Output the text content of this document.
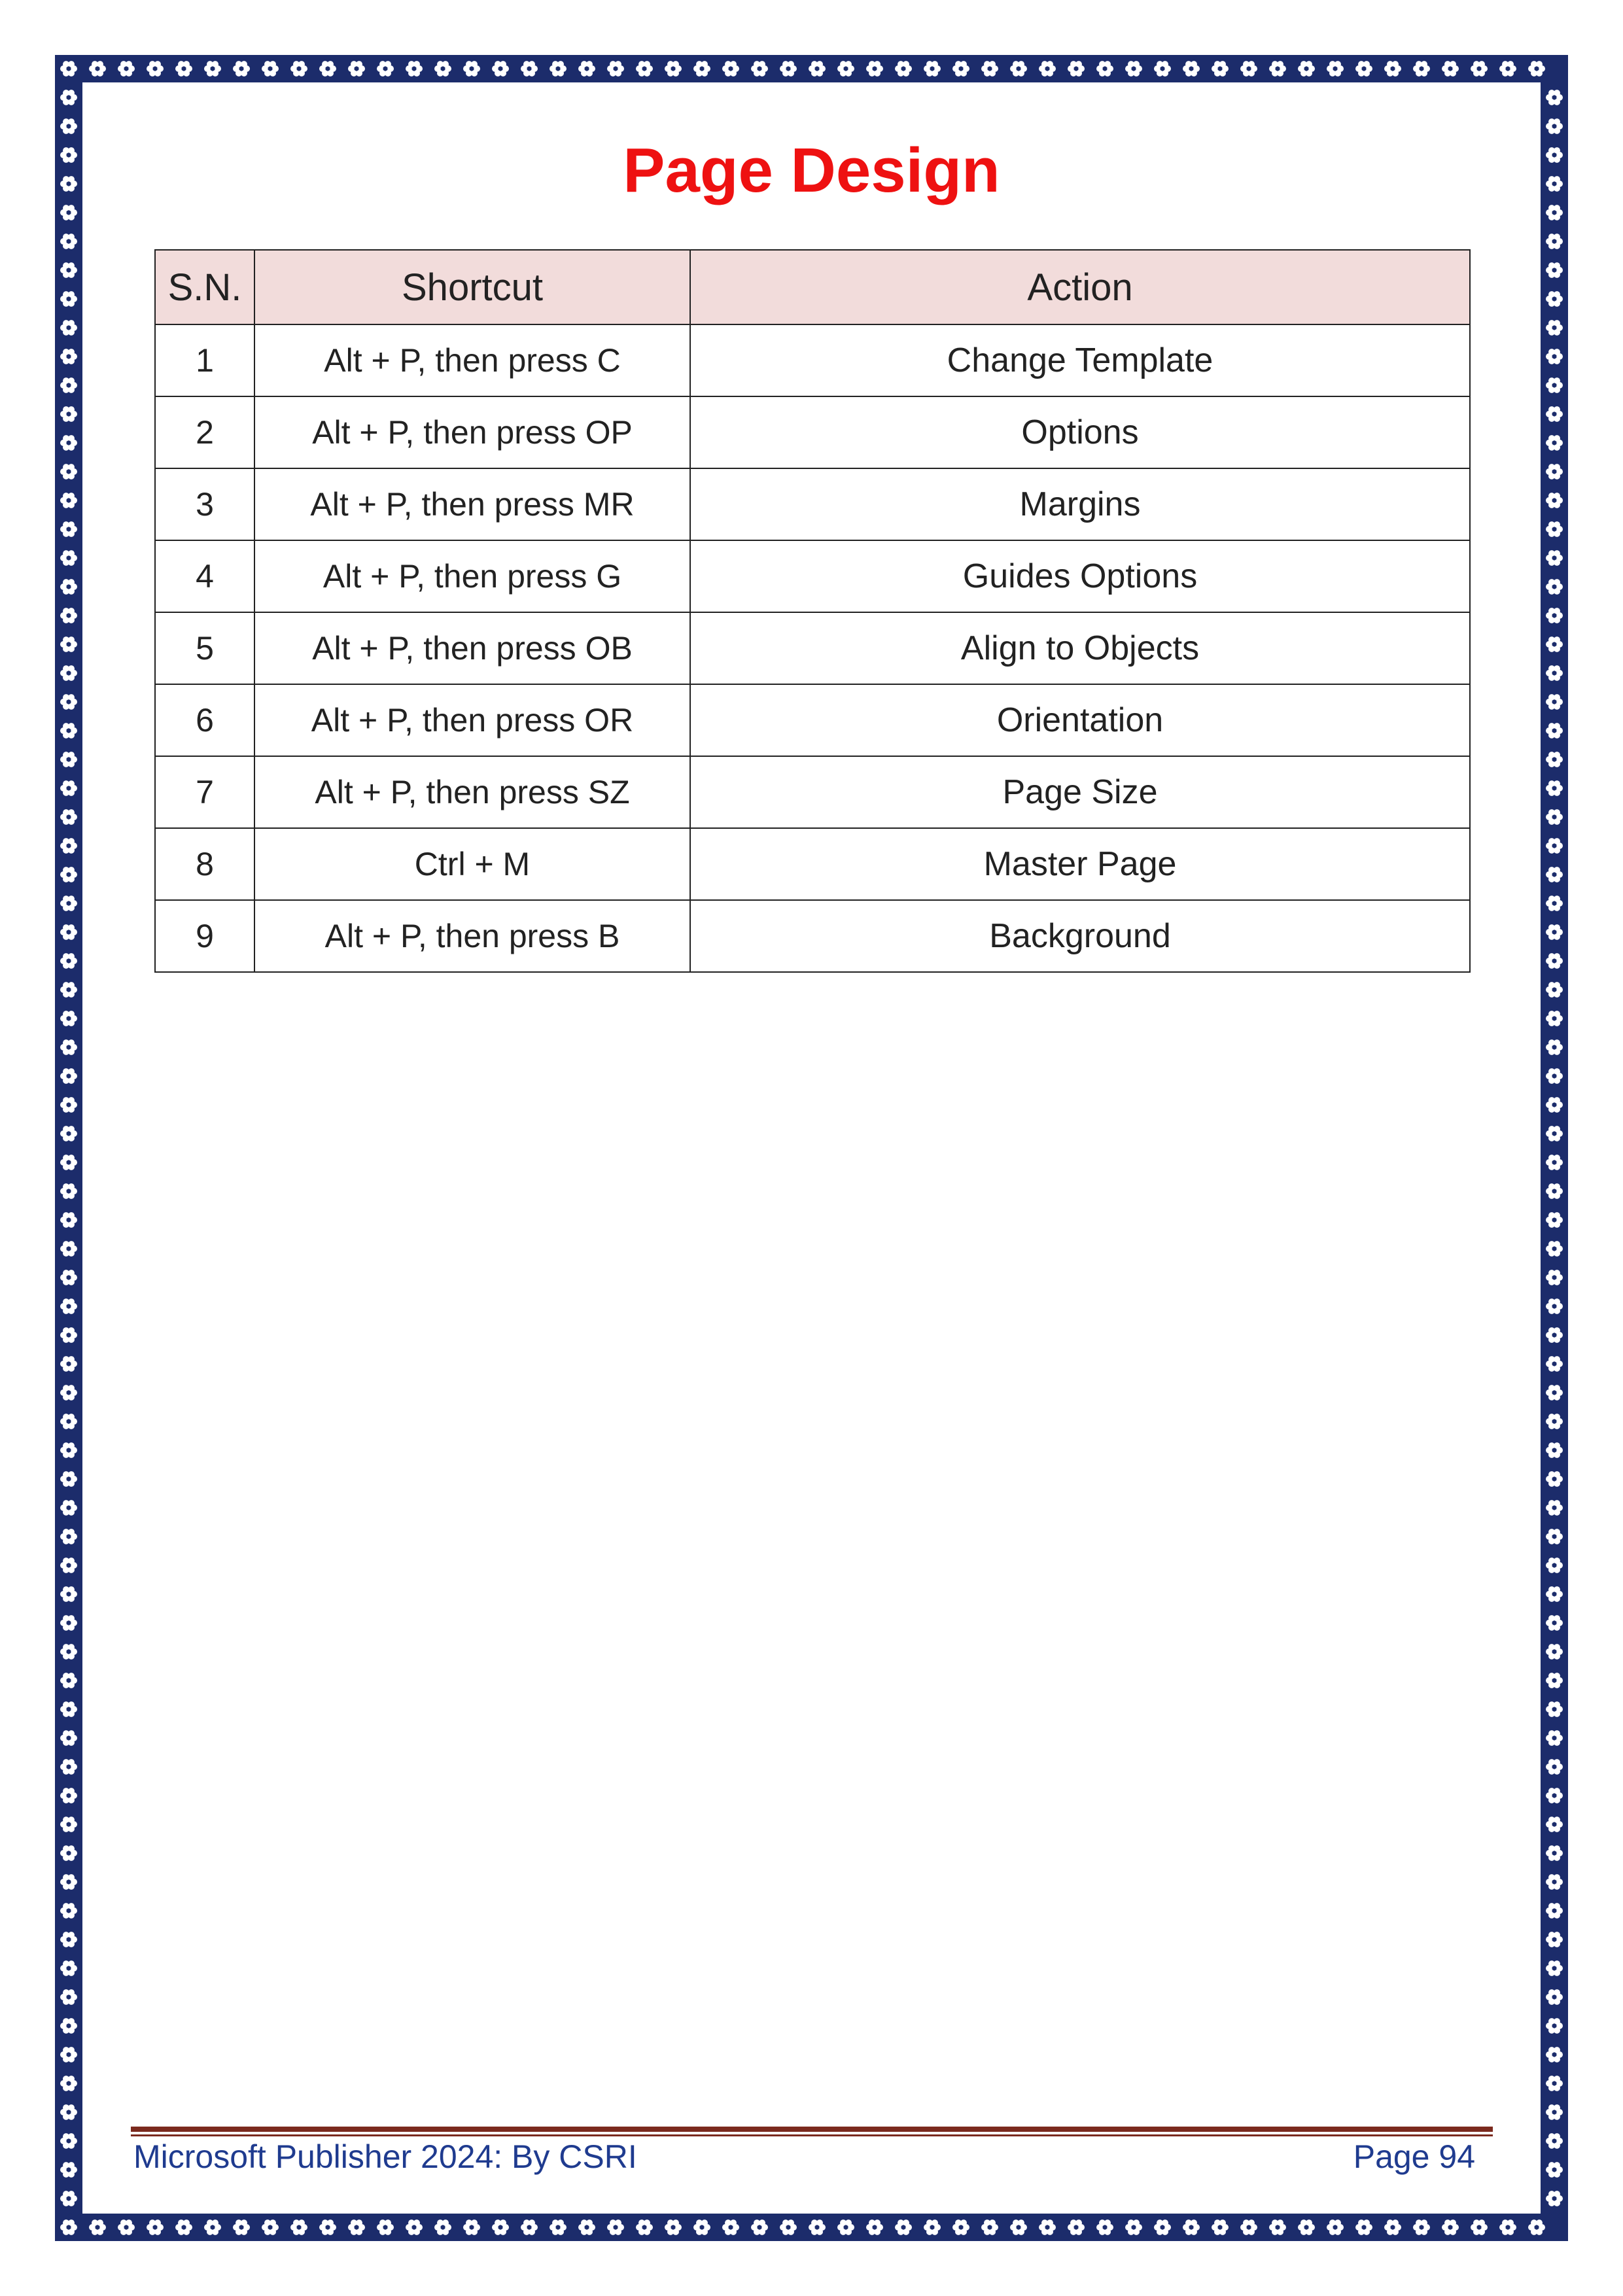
Page Design
S.N.	Shortcut	Action
1	Alt + P, then press C	Change Template
2	Alt + P, then press OP	Options
3	Alt + P, then press MR	Margins
4	Alt + P, then press G	Guides Options
5	Alt + P, then press OB	Align to Objects
6	Alt + P, then press OR	Orientation
7	Alt + P, then press SZ	Page Size
8	Ctrl + M	Master Page
9	Alt + P, then press B	Background
Microsoft Publisher 2024: By CSRI	Page 94
